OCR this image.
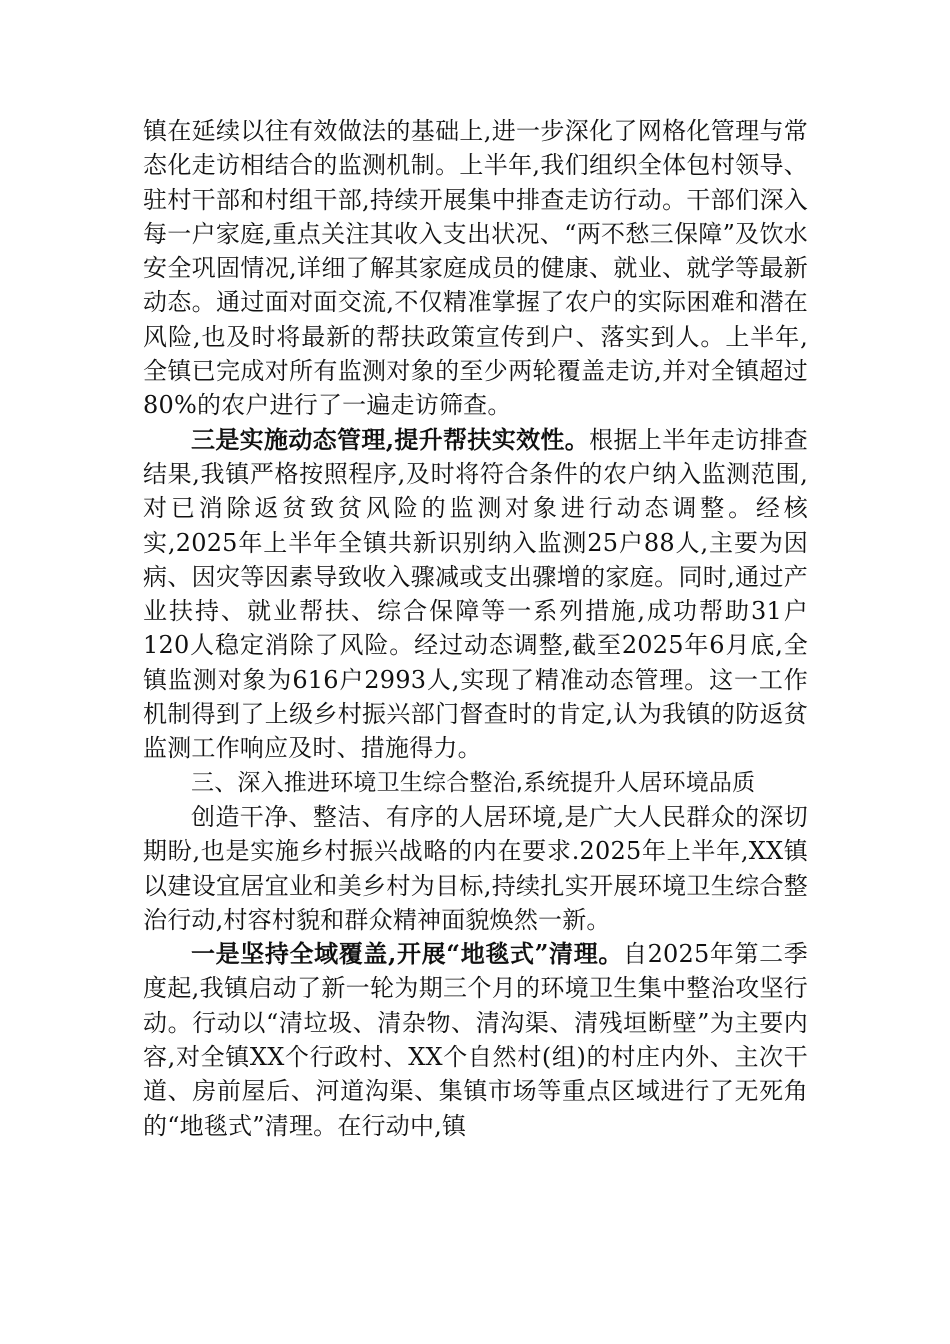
镇在延续以往有效做法的基础上,进一步深化了网格化管理与常态化走访相结合的监测机制。上半年,我们组织全体包村领导、驻村干部和村组干部,持续开展集中排查走访行动。干部们深入每一户家庭,重点关注其收入支出状况、“两不愁三保障”及饮水安全巩固情况,详细了解其家庭成员的健康、就业、就学等最新动态。通过面对面交流,不仅精准掌握了农户的实际困难和潜在风险,也及时将最新的帮扶政策宣传到户、落实到人。上半年,全镇已完成对所有监测对象的至少两轮覆盖走访,并对全镇超过80%的农户进行了一遍走访筛查。

三是实施动态管理,提升帮扶实效性。根据上半年走访排查结果,我镇严格按照程序,及时将符合条件的农户纳入监测范围,对已消除返贫致贫风险的监测对象进行动态调整。经核实,2025年上半年全镇共新识别纳入监测25户88人,主要为因病、因灾等因素导致收入骤减或支出骤增的家庭。同时,通过产业扶持、就业帮扶、综合保障等一系列措施,成功帮助31户120人稳定消除了风险。经过动态调整,截至2025年6月底,全镇监测对象为616户2993人,实现了精准动态管理。这一工作机制得到了上级乡村振兴部门督查时的肯定,认为我镇的防返贫监测工作响应及时、措施得力。

三、深入推进环境卫生综合整治,系统提升人居环境品质

创造干净、整洁、有序的人居环境,是广大人民群众的深切期盼,也是实施乡村振兴战略的内在要求.2025年上半年,XX镇以建设宜居宜业和美乡村为目标,持续扎实开展环境卫生综合整治行动,村容村貌和群众精神面貌焕然一新。

一是坚持全域覆盖,开展“地毯式”清理。自2025年第二季度起,我镇启动了新一轮为期三个月的环境卫生集中整治攻坚行动。行动以“清垃圾、清杂物、清沟渠、清残垣断壁”为主要内容,对全镇XX个行政村、XX个自然村(组)的村庄内外、主次干道、房前屋后、河道沟渠、集镇市场等重点区域进行了无死角的“地毯式”清理。在行动中,镇
